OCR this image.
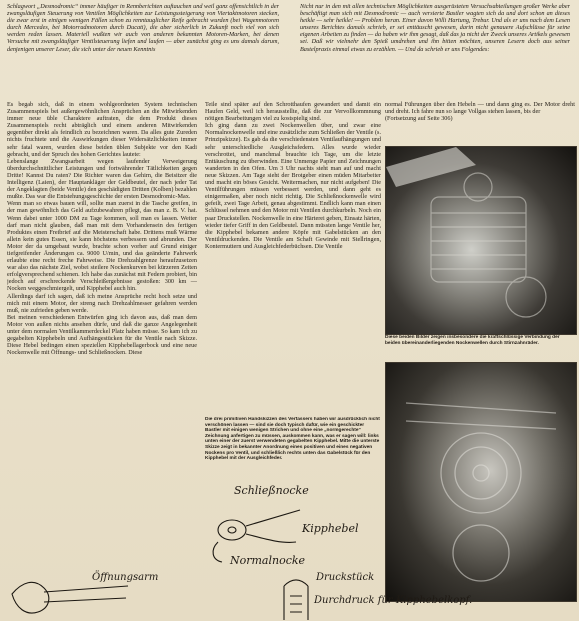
Schlagwort „Desmodromic“ immer häufiger in Rennberichten auftauchen und weil ganz offensichtlich in der zwangsläufigen Steuerung von Ventilen Möglichkeiten zur Leistungssteigerung von Viertaktmotoren stecken, die zwar erst in einigen wenigen Fällen schon zu renntauglicher Reife gebracht wurden (bei Wagenmotoren durch Mercedes, bei Motorradmotoren durch Ducati), die aber sicherlich in Zukunft noch viel von sich werden reden lassen. Materiell wußten wir auch von anderen bekannten Motoren-Marken, bei denen Versuche mit zwangsläufiger Ventilsteuerung liefen und laufen — aber zunächst ging es uns damals darum, denjenigen unserer Leser, die sich unter der neuen Kenntnis
Nicht nur in den mit allen technischen Möglichkeiten ausgerüsteten Versuchsabteilungen großer Werke aber beschäftigt man sich mit Desmodromic — auch versierte Bastler wagten sich da und dort schon an dieses heikle — sehr heikle! — Problem heran. Einer davon Willi Hartung, Trebur. Und als er uns nach dem Lesen unseres Berichtes damals schrieb, er sei enttäuscht gewesen, darin nicht genauere Aufschlüsse für seine eigenen Arbeiten zu finden — da haben wir ihm gesagt, daß das ja nicht der Zweck unseres Artikels gewesen sei. Daß wir vielmehr den Spieß umdrehen und ihn bitten möchten, unseren Lesern doch aus seiner Bastelpraxis einmal etwas zu erzählen. — Und da schrieb er uns Folgendes:
Es begab sich, daß in einem wohlgeordneten System technischen Zusammenspiels bei außergewöhnlichen Ansprüchen an die Mitwirkenden immer neue üble Charaktere auftraten, die dem Produkt dieses Zusammenspiels recht abträglich und einem anderen Mitwirkenden gegenüber direkt als feindlich zu bezeichnen waren. Da alles gute Zureden nichts fruchtete und die Auswirkungen dieser Widersätzlichkeiten immer sehr fatal waren, wurden diese beiden üblen Subjekte vor den Kadi gebracht, und der Spruch des hohen Gerichtes lautete:
Lebenslange Zwangsarbeit wegen laufender Verweigerung überdurchschnittlicher Leistungen und fortwährender Tätlichkeiten gegen Dritte! Kannst Du raten? Die Richter waren das Gehirn, die Beisitzer die Intelligenz (Laien), der Hauptankläger der Geldbeutel, der nach jeder Tat der Angeklagten (beide Ventile) den geschädigten Dritten (Kolben) bezahlen mußte. Das war die Entstehungsgeschichte der ersten Desmodromic-Max.
Wenn man so etwas bauen will, sollte man zuerst in die Tasche greifen, in der man gewöhnlich das Geld aufzubewahren pflegt, das man z. B. V. hat. Wenn dabei unter 1000 DM zu Tage kommen, soll man es lassen. Weiter darf man nicht glauben, daß man mit dem Vorhandensein des fertigen Produktes einen Freibrief auf die Meisterschaft habe. Drittens muß Wärme allein kein gutes Essen, sie kann höchstens verbessern und abrunden. Der Motor der da umgebaut wurde, brachte schon vorher auf Grund einiger tiefgreifender Änderungen ca. 9000 U/min, und das geänderte Fahrwerk erlaubte eine recht freche Fahrweise. Die Drehzahlgrenze heraufzusetzen war also das nächste Ziel, wobei steilere Nockenkurven bei kürzeren Zeiten erfolgversprechend schienen. Ich habe das zunächst mit Federn probiert, bin jedoch auf erschreckende Verschleißergebnisse gestoßen: 300 km — Nocken weggeschmiergelt, und Kipphebel auch hin.
Allerdings darf ich sagen, daß ich meine Ansprüche recht hoch setze und mich mit einem Motor, der streng nach Drehzahlmesser gefahren werden muß, nie zufrieden geben werde.
Bei meinen verschiedenen Entwürfen ging ich davon aus, daß man dem Motor von außen nichts ansehen dürfe, und daß die ganze Angelegenheit unter dem normalen Ventilkammerdeckel Platz haben müsse. So kam ich zu gegabelten Kipphebeln und Aufhängestücken für die Ventile nach Skizze. Diese Hebel bedingen einen speziellen Kipphebellagerbock und eine neue Nockenwelle mit Öffnungs- und Schließnocken. Diese
Teile sind später auf den Schrotthaufen gewandert und damit ein Haufen Geld, weil ich herausstellte, daß die zur Vervollkommnung nötigen Bearbeitungen viel zu kostspielig sind.
Ich ging dann zu zwei Nockenwellen über, und zwar eine Normalnockenwelle und eine zusätzliche zum Schließen der Ventile (s. Prinzipskizze). Es gab da die verschiedensten Ventilaufhängungen und sehr unterschiedliche Ausgleichsfedern. Alles wurde wieder verschrottet, und manchmal brauchte ich Tage, um die letzte Enttäuschung zu überwinden. Eine Unmenge Papier und Zeichnungen wanderten in den Ofen. Um 3 Uhr nachts steht man auf und macht neue Skizzen. Am Tage sieht der Brotgeber einen müden Mitarbeiter und macht ein böses Gesicht. Weitermachen, nur nicht aufgeben! Die Ventilführungen müssen verbessert werden, und dann geht es einigermaßen, aber noch nicht richtig. Die Schließnockenwelle wird gefeilt, zwei Tage Arbeit, genau abgestimmt. Endlich kann man einen Schlüssel nehmen und den Motor mit Ventilen durchkurbeln. Noch ein paar Druckstellen. Nockenwelle in eine Härterei geben, Einsatz härten, wieder tiefer Griff in den Geldbeutel. Dann müssten lange Ventile her, die Kipphebel bekamen andere Köpfe mit Gabelstücken an den Ventildruckenden. Die Ventile am Schaft Gewinde mit Stellringen, Kontermuttern und Ausgleichfederbüchsen. Die Ventile
normal Führungen über den Hebeln — und dann ging es. Der Motor dreht und dreht. Ich fahre nun so lange Vollgas stehen lassen, bis der
(Fortsetzung auf Seite 306)
Diese beiden Bilder zeigen insbesondere die kraftschlüssige Verbindung der beiden übereinanderliegenden Nockenwellen durch Stirnzahnräder.
Die drei primitiven Handskizzen des Verfassers haben wir ausdrücklich nicht verschönen lassen — sind sie doch typisch dafür, wie ein geschickter Bastler mit einigen wenigen Strichen und ohne eine „normgerechte“ Zeichnung anfertigen zu müssen, auskommen kann, was er sagen will: links unten einer der zuerst verwendeten gegabelten Kipphebel. Mitte die unterste Skizze zeigt in bekannter Anordnung eines positiven und eines negativen Nockens pro Ventil, und schließlich rechts unten das Gabelstück für den Kipphebel mit der Ausgleichfeder.
Schließnocke
Kipphebel
Normalnocke
Öffnungsarm	Druckstück
Durchdruck für Kipphebelkopf.
